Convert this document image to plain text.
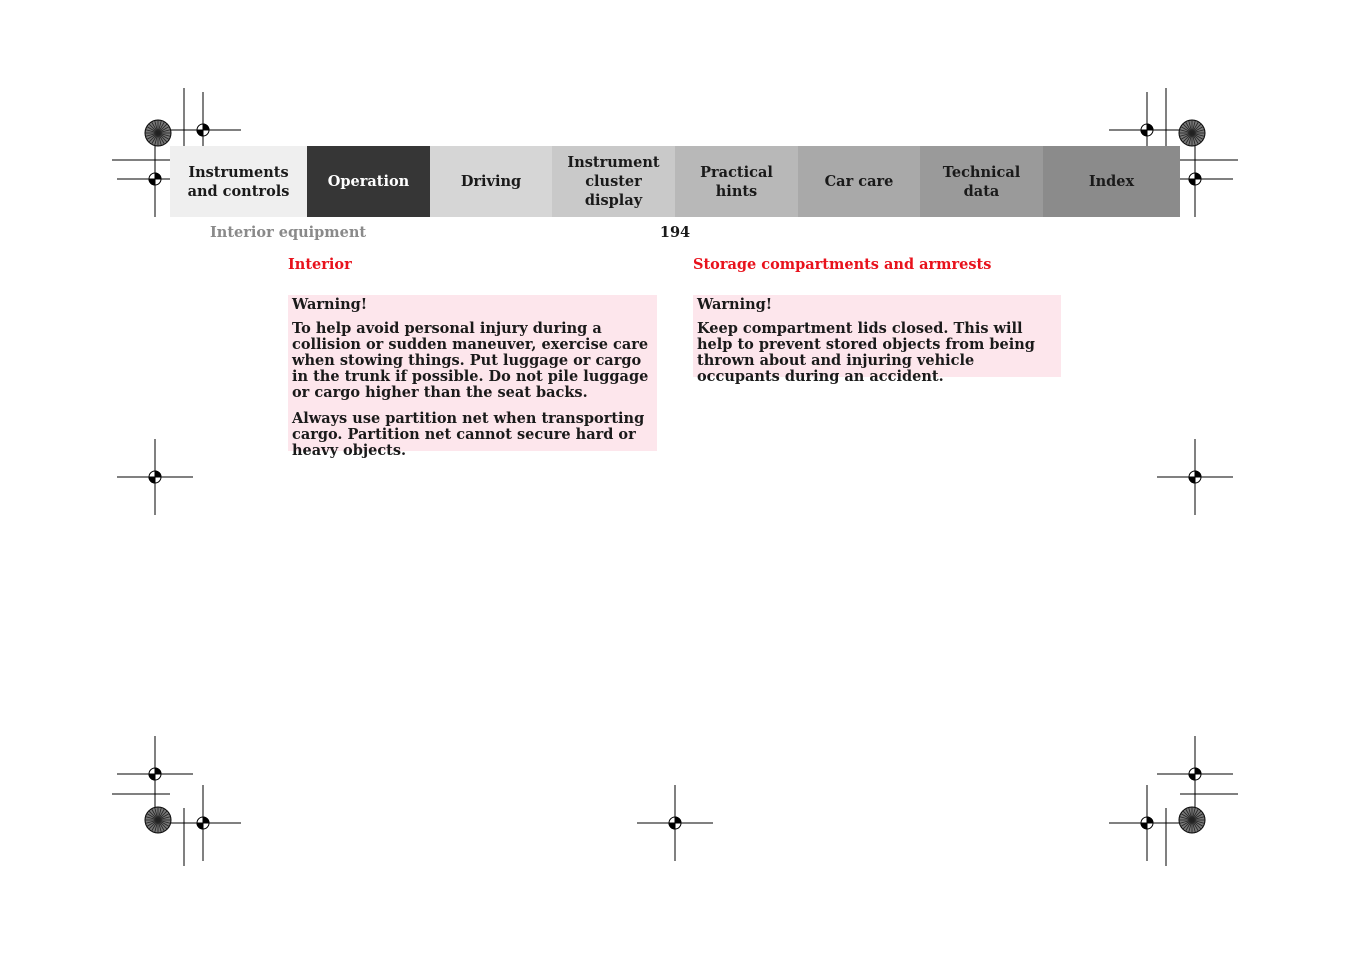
Instruments
and controls
Operation	Driving
Instrument
cluster display
Practical hints
Car care
Technical
data
Index
Interior equipment	194
Interior

Warning!

To help avoid personal injury during a collision or sudden maneuver, exercise care when stowing things. Put luggage or cargo in the trunk if possible. Do not pile luggage or cargo higher than the seat backs.

Always use partition net when transporting cargo. Partition net cannot secure hard or heavy objects.

Storage compartments and armrests

Warning!

Keep compartment lids closed. This will help to prevent stored objects from being thrown about and injuring vehicle occupants during an accident.
